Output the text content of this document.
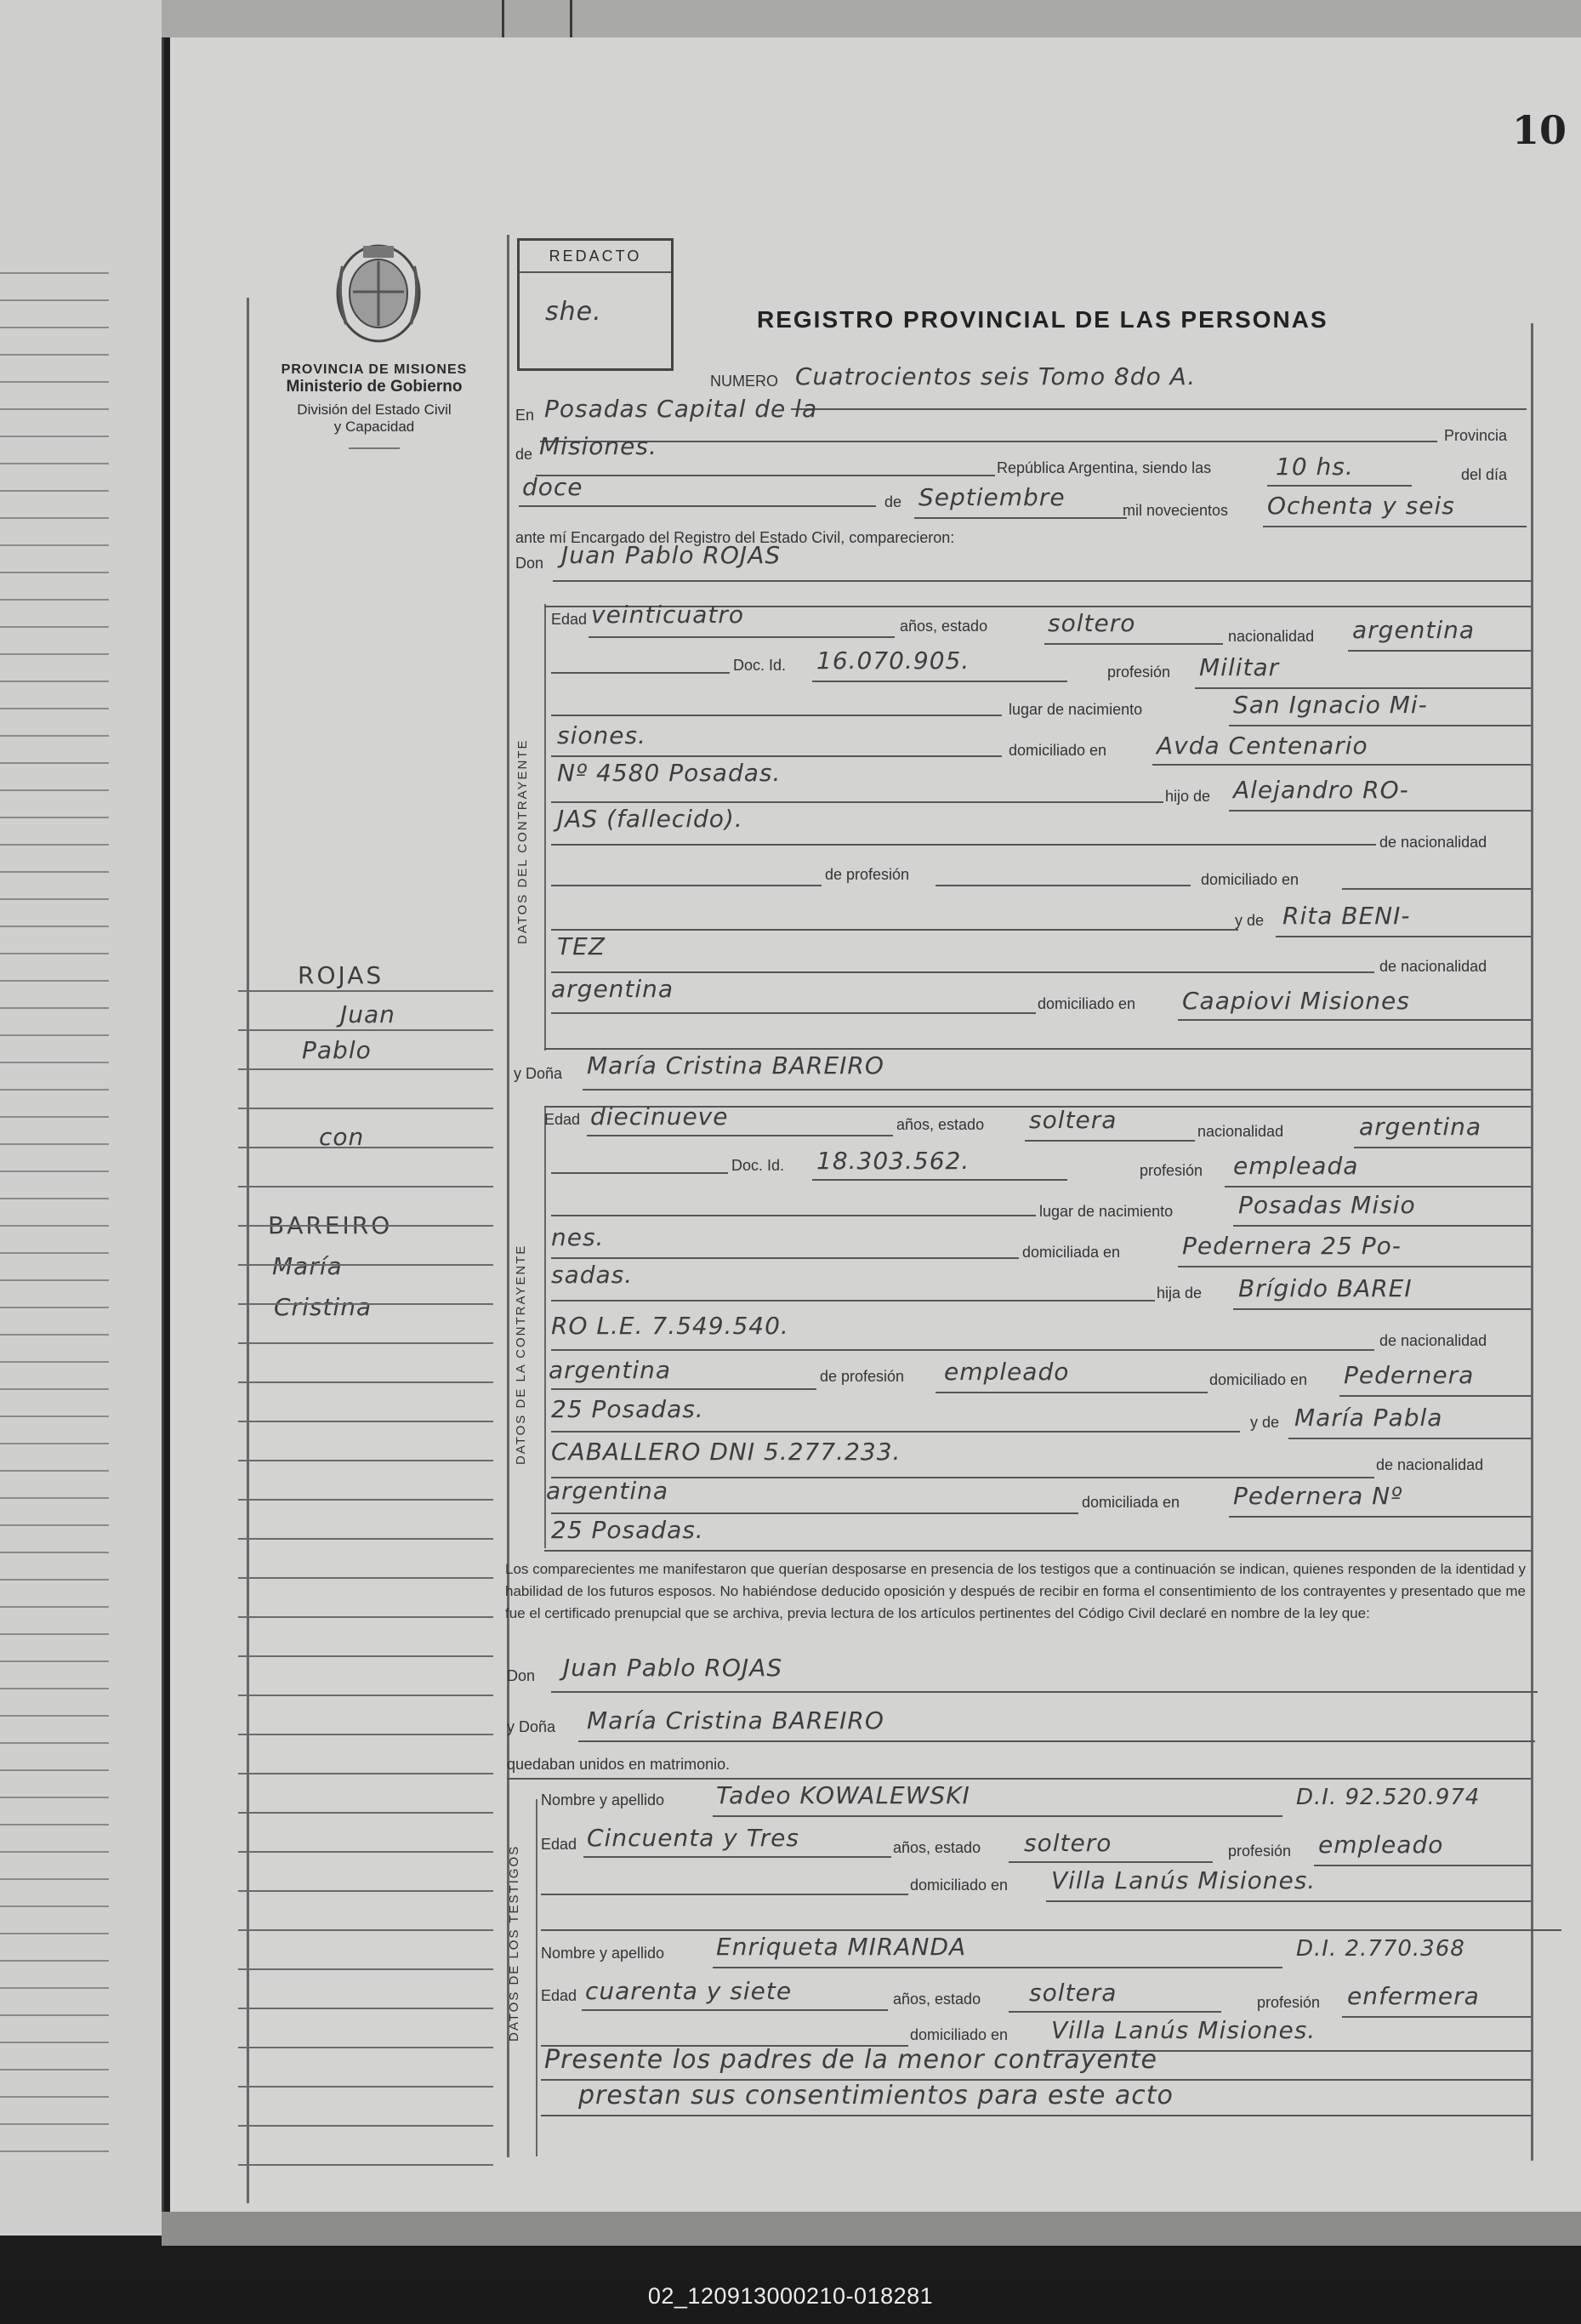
10
PROVINCIA DE MISIONES
Ministerio de Gobierno
División del Estado Civil
y Capacidad
REDACTO
she.	REGISTRO PROVINCIAL DE LAS PERSONAS
NUMERO Cuatrocientos seis Tomo 8do A.
En Posadas Capital de la
Provincia
de Misiones.
República Argentina, siendo las	10 hs.	del día
doce
de Septiembre	mil novecientos Ochenta y seis
ante mí Encargado del Registro del Estado Civil, comparecieron:
Don Juan Pablo ROJAS
DATOS DEL CONTRAYENTE
Edad veinticuatro	años, estado	soltero	nacionalidad argentina
Doc. Id. 16.070.905.	profesión Militar
lugar de nacimiento	San Ignacio Mi-
siones.
domiciliado en Avda Centenario
Nº 4580 Posadas.
hijo de Alejandro RO-
JAS (fallecido).
de nacionalidad
de profesión	domiciliado en
y de Rita BENI-
TEZ
de nacionalidad
argentina
domiciliado en Caapiovi Misiones
y Doña María Cristina BAREIRO
DATOS DE LA CONTRAYENTE
Edad diecinueve	años, estado soltera	nacionalidad	argentina
Doc. Id. 18.303.562.	profesión empleada
lugar de nacimiento	Posadas Misio
nes.
domiciliada en	Pedernera 25 Po-
sadas.
hija de Brígido BAREI
RO L.E. 7.549.540.
de nacionalidad
argentina	de profesión empleado	domiciliado en Pedernera
25 Posadas.	y de María Pabla
CABALLERO DNI 5.277.233.	de nacionalidad
argentina	domiciliada en Pedernera Nº
25 Posadas.
Los comparecientes me manifestaron que querían desposarse en presencia de los testigos que a continuación se indican, quienes responden de la identidad y habilidad de los futuros esposos. No habiéndose deducido oposición y después de recibir en forma el consentimiento de los contrayentes y presentado que me fue el certificado prenupcial que se archiva, previa lectura de los artículos pertinentes del Código Civil declaré en nombre de la ley que:
Don Juan Pablo ROJAS
y Doña María Cristina BAREIRO
quedaban unidos en matrimonio.
DATOS DE LOS TESTIGOS
Nombre y apellido Tadeo KOWALEWSKI	D.I. 92.520.974
Edad Cincuenta y Tres	años, estado soltero	profesión empleado
domiciliado en Villa Lanús Misiones.
Nombre y apellido Enriqueta MIRANDA	D.I. 2.770.368
Edad cuarenta y siete	años, estado soltera	profesión enfermera
domiciliado en Villa Lanús Misiones.
Presente los padres de la menor contrayente
prestan sus consentimientos para este acto
ROJAS
Juan
Pablo
con
BAREIRO
María
Cristina
02_120913000210-018281
